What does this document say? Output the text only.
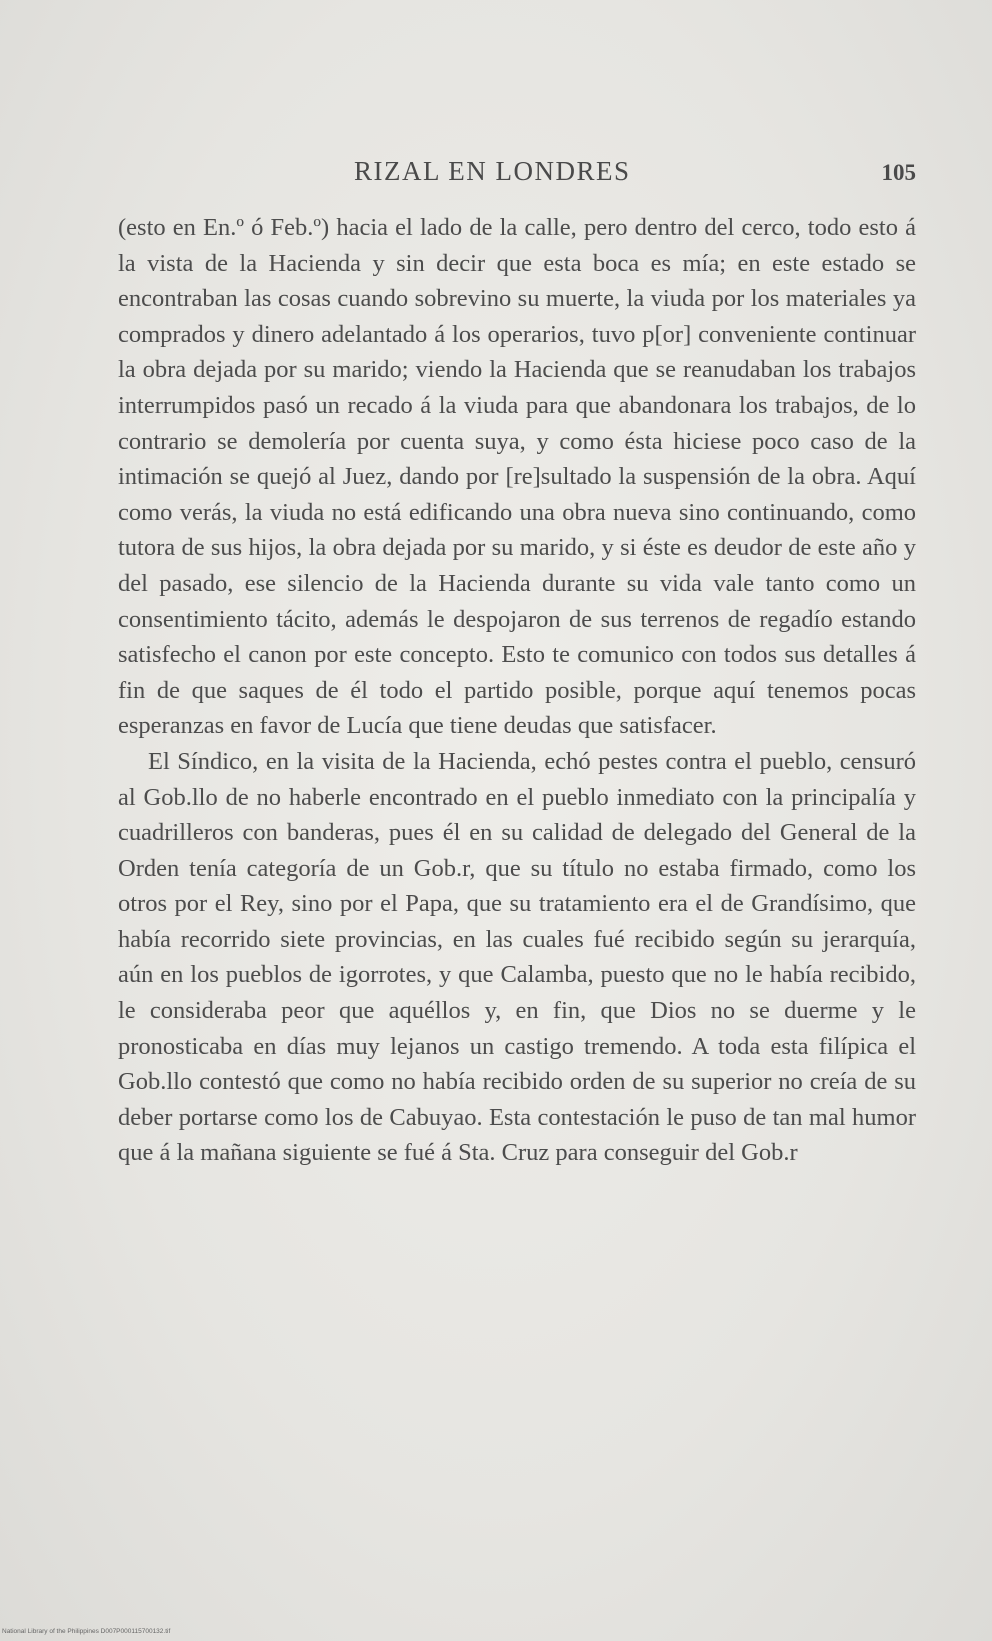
RIZAL EN LONDRES	105

(esto en En.º ó Feb.º) hacia el lado de la calle, pero dentro del cerco, todo esto á la vista de la Hacienda y sin decir que esta boca es mía; en este estado se encontraban las cosas cuando sobrevino su muerte, la viuda por los materiales ya comprados y dinero adelantado á los operarios, tuvo p[or] conveniente continuar la obra dejada por su marido; viendo la Hacienda que se reanudaban los trabajos interrumpidos pasó un recado á la viuda para que abandonara los trabajos, de lo contrario se demolería por cuenta suya, y como ésta hiciese poco caso de la intimación se quejó al Juez, dando por [re]sultado la suspensión de la obra. Aquí como verás, la viuda no está edificando una obra nueva sino continuando, como tutora de sus hijos, la obra dejada por su marido, y si éste es deudor de este año y del pasado, ese silencio de la Hacienda durante su vida vale tanto como un consentimiento tácito, además le despojaron de sus terrenos de regadío estando satisfecho el canon por este concepto. Esto te comunico con todos sus detalles á fin de que saques de él todo el partido posible, porque aquí tenemos pocas esperanzas en favor de Lucía que tiene deudas que satisfacer.

El Síndico, en la visita de la Hacienda, echó pestes contra el pueblo, censuró al Gob.llo de no haberle encontrado en el pueblo inmediato con la principalía y cuadrilleros con banderas, pues él en su calidad de delegado del General de la Orden tenía categoría de un Gob.r, que su título no estaba firmado, como los otros por el Rey, sino por el Papa, que su tratamiento era el de Grandísimo, que había recorrido siete provincias, en las cuales fué recibido según su jerarquía, aún en los pueblos de igorrotes, y que Calamba, puesto que no le había recibido, le consideraba peor que aquéllos y, en fin, que Dios no se duerme y le pronosticaba en días muy lejanos un castigo tremendo. A toda esta filípica el Gob.llo contestó que como no había recibido orden de su superior no creía de su deber portarse como los de Cabuyao. Esta contestación le puso de tan mal humor que á la mañana siguiente se fué á Sta. Cruz para conseguir del Gob.r

National Library of the Philippines D007P000115700132.tif
